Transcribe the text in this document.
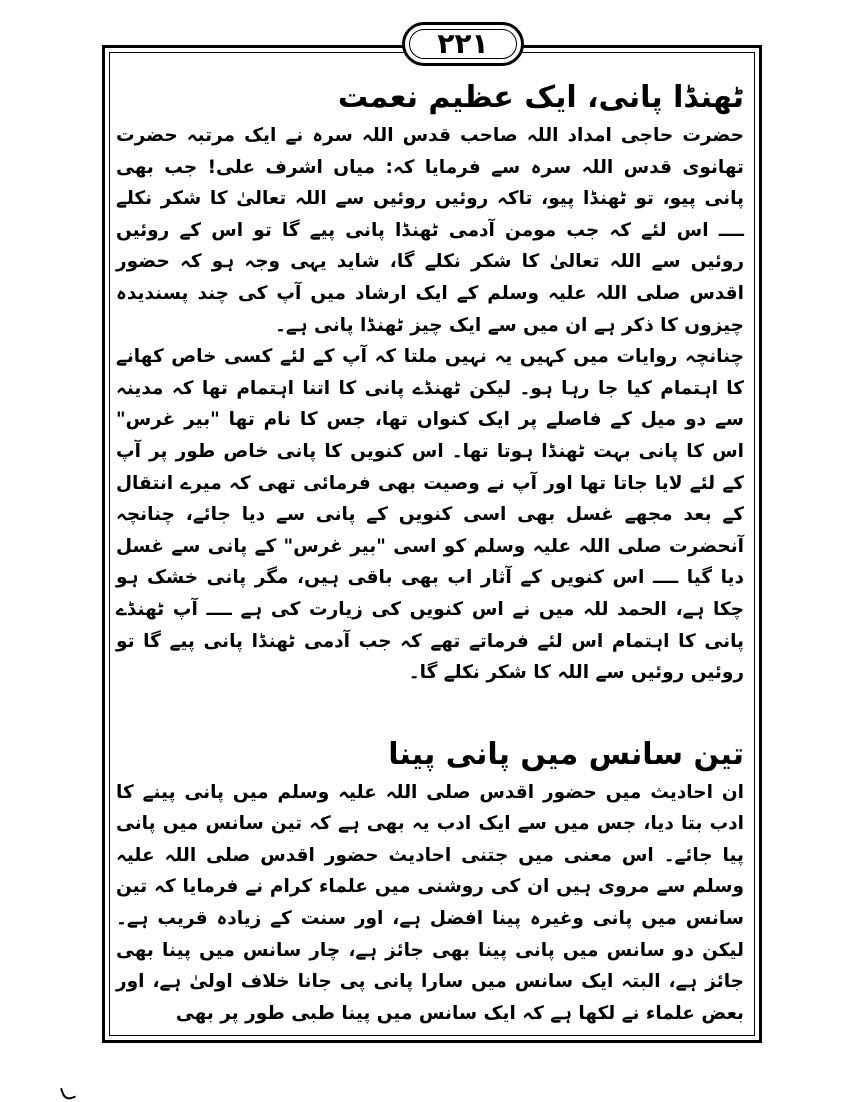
٢٢١
ٹھنڈا پانی، ایک عظیم نعمت

حضرت حاجی امداد اللہ صاحب قدس اللہ سرہ نے ایک مرتبہ حضرت تھانوی قدس اللہ سرہ سے فرمایا کہ: میاں اشرف علی! جب بھی پانی پیو، تو ٹھنڈا پیو، تاکہ روئیں روئیں سے اللہ تعالیٰ کا شکر نکلے ــــ اس لئے کہ جب مومن آدمی ٹھنڈا پانی پیے گا تو اس کے روئیں روئیں سے اللہ تعالیٰ کا شکر نکلے گا، شاید یہی وجہ ہو کہ حضور اقدس صلی اللہ علیہ وسلم کے ایک ارشاد میں آپ کی چند پسندیدہ چیزوں کا ذکر ہے ان میں سے ایک چیز ٹھنڈا پانی ہے۔

چنانچہ روایات میں کہیں یہ نہیں ملتا کہ آپ کے لئے کسی خاص کھانے کا اہتمام کیا جا رہا ہو۔ لیکن ٹھنڈے پانی کا اتنا اہتمام تھا کہ مدینہ سے دو میل کے فاصلے پر ایک کنواں تھا، جس کا نام تھا "بیر غرس" اس کا پانی بہت ٹھنڈا ہوتا تھا۔ اس کنویں کا پانی خاص طور پر آپ کے لئے لایا جاتا تھا اور آپ نے وصیت بھی فرمائی تھی کہ میرے انتقال کے بعد مجھے غسل بھی اسی کنویں کے پانی سے دیا جائے، چنانچہ آنحضرت صلی اللہ علیہ وسلم کو اسی "بیر غرس" کے پانی سے غسل دیا گیا ــــ اس کنویں کے آثار اب بھی باقی ہیں، مگر پانی خشک ہو چکا ہے، الحمد للہ میں نے اس کنویں کی زیارت کی ہے ــــ آپ ٹھنڈے پانی کا اہتمام اس لئے فرماتے تھے کہ جب آدمی ٹھنڈا پانی پیے گا تو روئیں روئیں سے اللہ کا شکر نکلے گا۔

تین سانس میں پانی پینا

ان احادیث میں حضور اقدس صلی اللہ علیہ وسلم میں پانی پینے کا ادب بتا دیا، جس میں سے ایک ادب یہ بھی ہے کہ تین سانس میں پانی پیا جائے۔ اس معنی میں جتنی احادیث حضور اقدس صلی اللہ علیہ وسلم سے مروی ہیں ان کی روشنی میں علماء کرام نے فرمایا کہ تین سانس میں پانی وغیرہ پینا افضل ہے، اور سنت کے زیادہ قریب ہے۔ لیکن دو سانس میں پانی پینا بھی جائز ہے، چار سانس میں پینا بھی جائز ہے، البتہ ایک سانس میں سارا پانی پی جانا خلاف اولیٰ ہے، اور بعض علماء نے لکھا ہے کہ ایک سانس میں پینا طبی طور پر بھی
